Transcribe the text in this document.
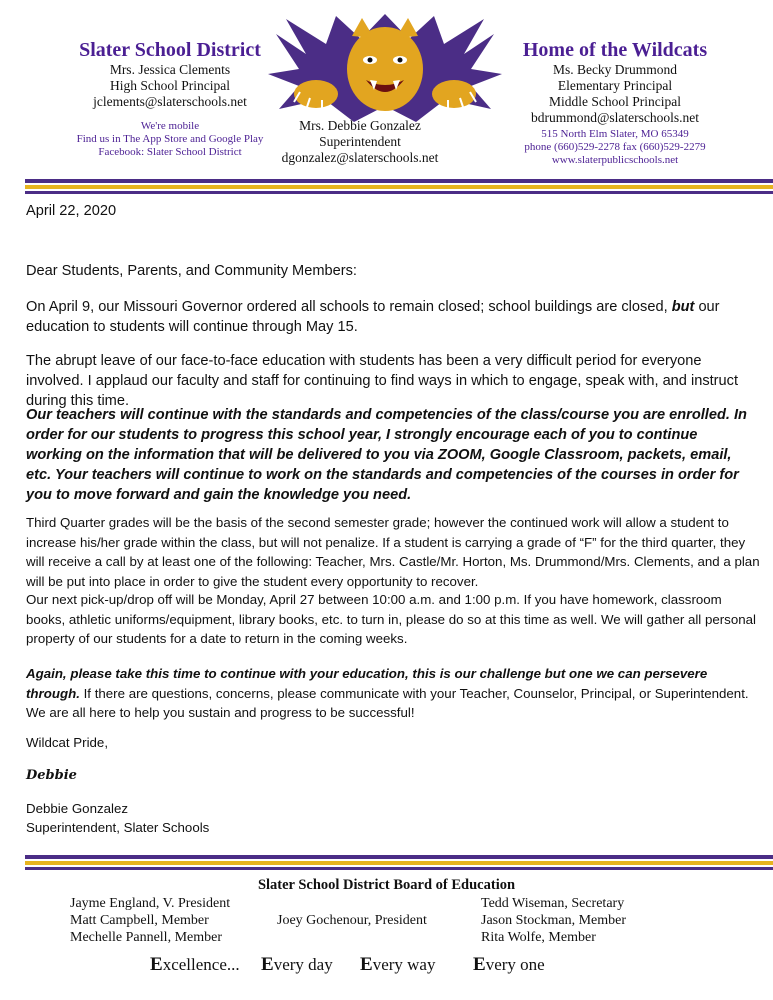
Slater School District
Mrs. Jessica Clements
High School Principal
jclements@slaterschools.net
We're mobile
Find us in The App Store and Google Play
Facebook: Slater School District
Mrs. Debbie Gonzalez
Superintendent
dgonzalez@slaterschools.net
Home of the Wildcats
Ms. Becky Drummond
Elementary Principal
Middle School Principal
bdrummond@slaterschools.net
515 North Elm Slater, MO 65349
phone (660)529-2278 fax (660)529-2279
www.slaterpublicschools.net
April 22, 2020
Dear Students, Parents, and Community Members:
On April 9, our Missouri Governor ordered all schools to remain closed; school buildings are closed, but our education to students will continue through May 15.
The abrupt leave of our face-to-face education with students has been a very difficult period for everyone involved. I applaud our faculty and staff for continuing to find ways in which to engage, speak with, and instruct during this time.
Our teachers will continue with the standards and competencies of the class/course you are enrolled. In order for our students to progress this school year, I strongly encourage each of you to continue working on the information that will be delivered to you via ZOOM, Google Classroom, packets, email, etc. Your teachers will continue to work on the standards and competencies of the courses in order for you to move forward and gain the knowledge you need.
Third Quarter grades will be the basis of the second semester grade; however the continued work will allow a student to increase his/her grade within the class, but will not penalize. If a student is carrying a grade of “F” for the third quarter, they will receive a call by at least one of the following: Teacher, Mrs. Castle/Mr. Horton, Ms. Drummond/Mrs. Clements, and a plan will be put into place in order to give the student every opportunity to recover.
Our next pick-up/drop off will be Monday, April 27 between 10:00 a.m. and 1:00 p.m. If you have homework, classroom books, athletic uniforms/equipment, library books, etc. to turn in, please do so at this time as well. We will gather all personal property of our students for a date to return in the coming weeks.
Again, please take this time to continue with your education, this is our challenge but one we can persevere through. If there are questions, concerns, please communicate with your Teacher, Counselor, Principal, or Superintendent. We are all here to help you sustain and progress to be successful!
Wildcat Pride,
Debbie
Debbie Gonzalez
Superintendent, Slater Schools
Slater School District Board of Education
Jayme England, V. President
Matt Campbell, Member
Mechelle Pannell, Member
Joey Gochenour, President
Tedd Wiseman, Secretary
Jason Stockman, Member
Rita Wolfe, Member
Excellence... Every day Every way Every one
